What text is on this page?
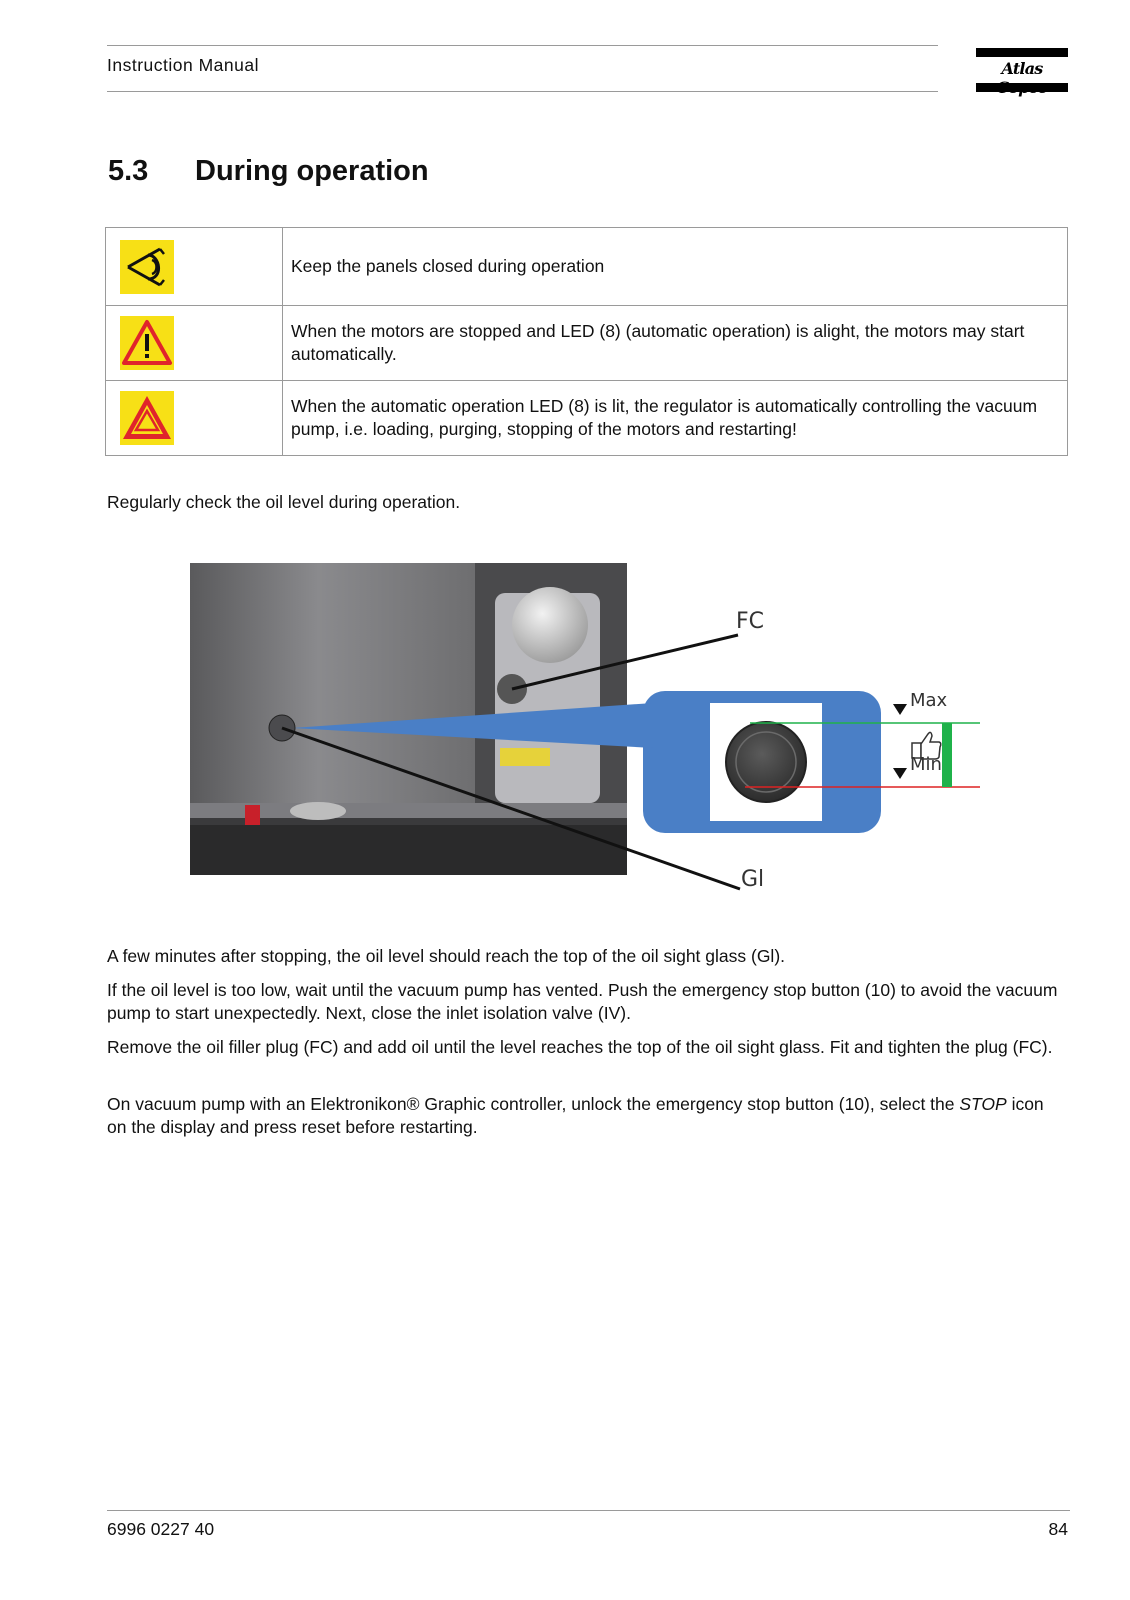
Instruction Manual	Atlas
5.3 During operation
	Keep the panels closed during operation

	When the motors are stopped and LED (8) (automatic operation) is alight, the motors may start automatically.

	When the automatic operation LED (8) is lit, the regulator is automatically controlling the vacuum pump, i.e. loading, purging, stopping of the motors and restarting!

Regularly check the oil level during operation.

FC
Gl
Max
Min

A few minutes after stopping, the oil level should reach the top of the oil sight glass (Gl).

If the oil level is too low, wait until the vacuum pump has vented. Push the emergency stop button (10) to avoid the vacuum pump to start unexpectedly. Next, close the inlet isolation valve (IV).

Remove the oil filler plug (FC) and add oil until the level reaches the top of the oil sight glass. Fit and tighten the plug (FC).

On vacuum pump with an Elektronikon® Graphic controller, unlock the emergency stop button (10), select the STOP icon on the display and press reset before restarting.

6996 0227 40	84
